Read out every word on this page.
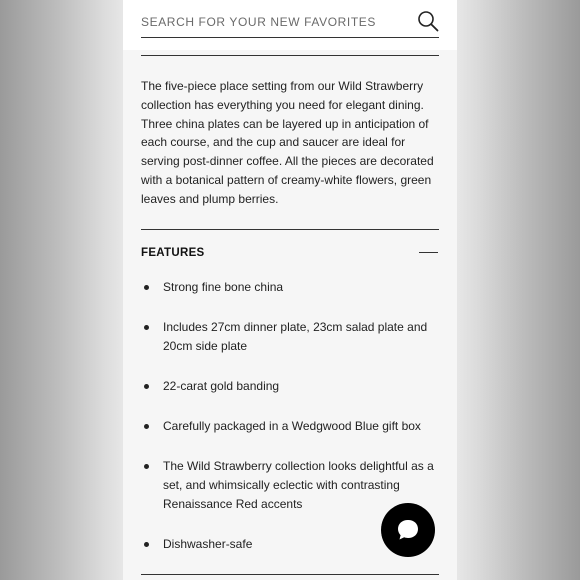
SEARCH FOR YOUR NEW FAVORITES

The five-piece place setting from our Wild Strawberry collection has everything you need for elegant dining. Three china plates can be layered up in anticipation of each course, and the cup and saucer are ideal for serving post-dinner coffee. All the pieces are decorated with a botanical pattern of creamy-white flowers, green leaves and plump berries.

FEATURES
Strong fine bone china
Includes 27cm dinner plate, 23cm salad plate and 20cm side plate
22-carat gold banding
Carefully packaged in a Wedgwood Blue gift box
The Wild Strawberry collection looks delightful as a set, and whimsically eclectic with contrasting Renaissance Red accents
Dishwasher-safe
